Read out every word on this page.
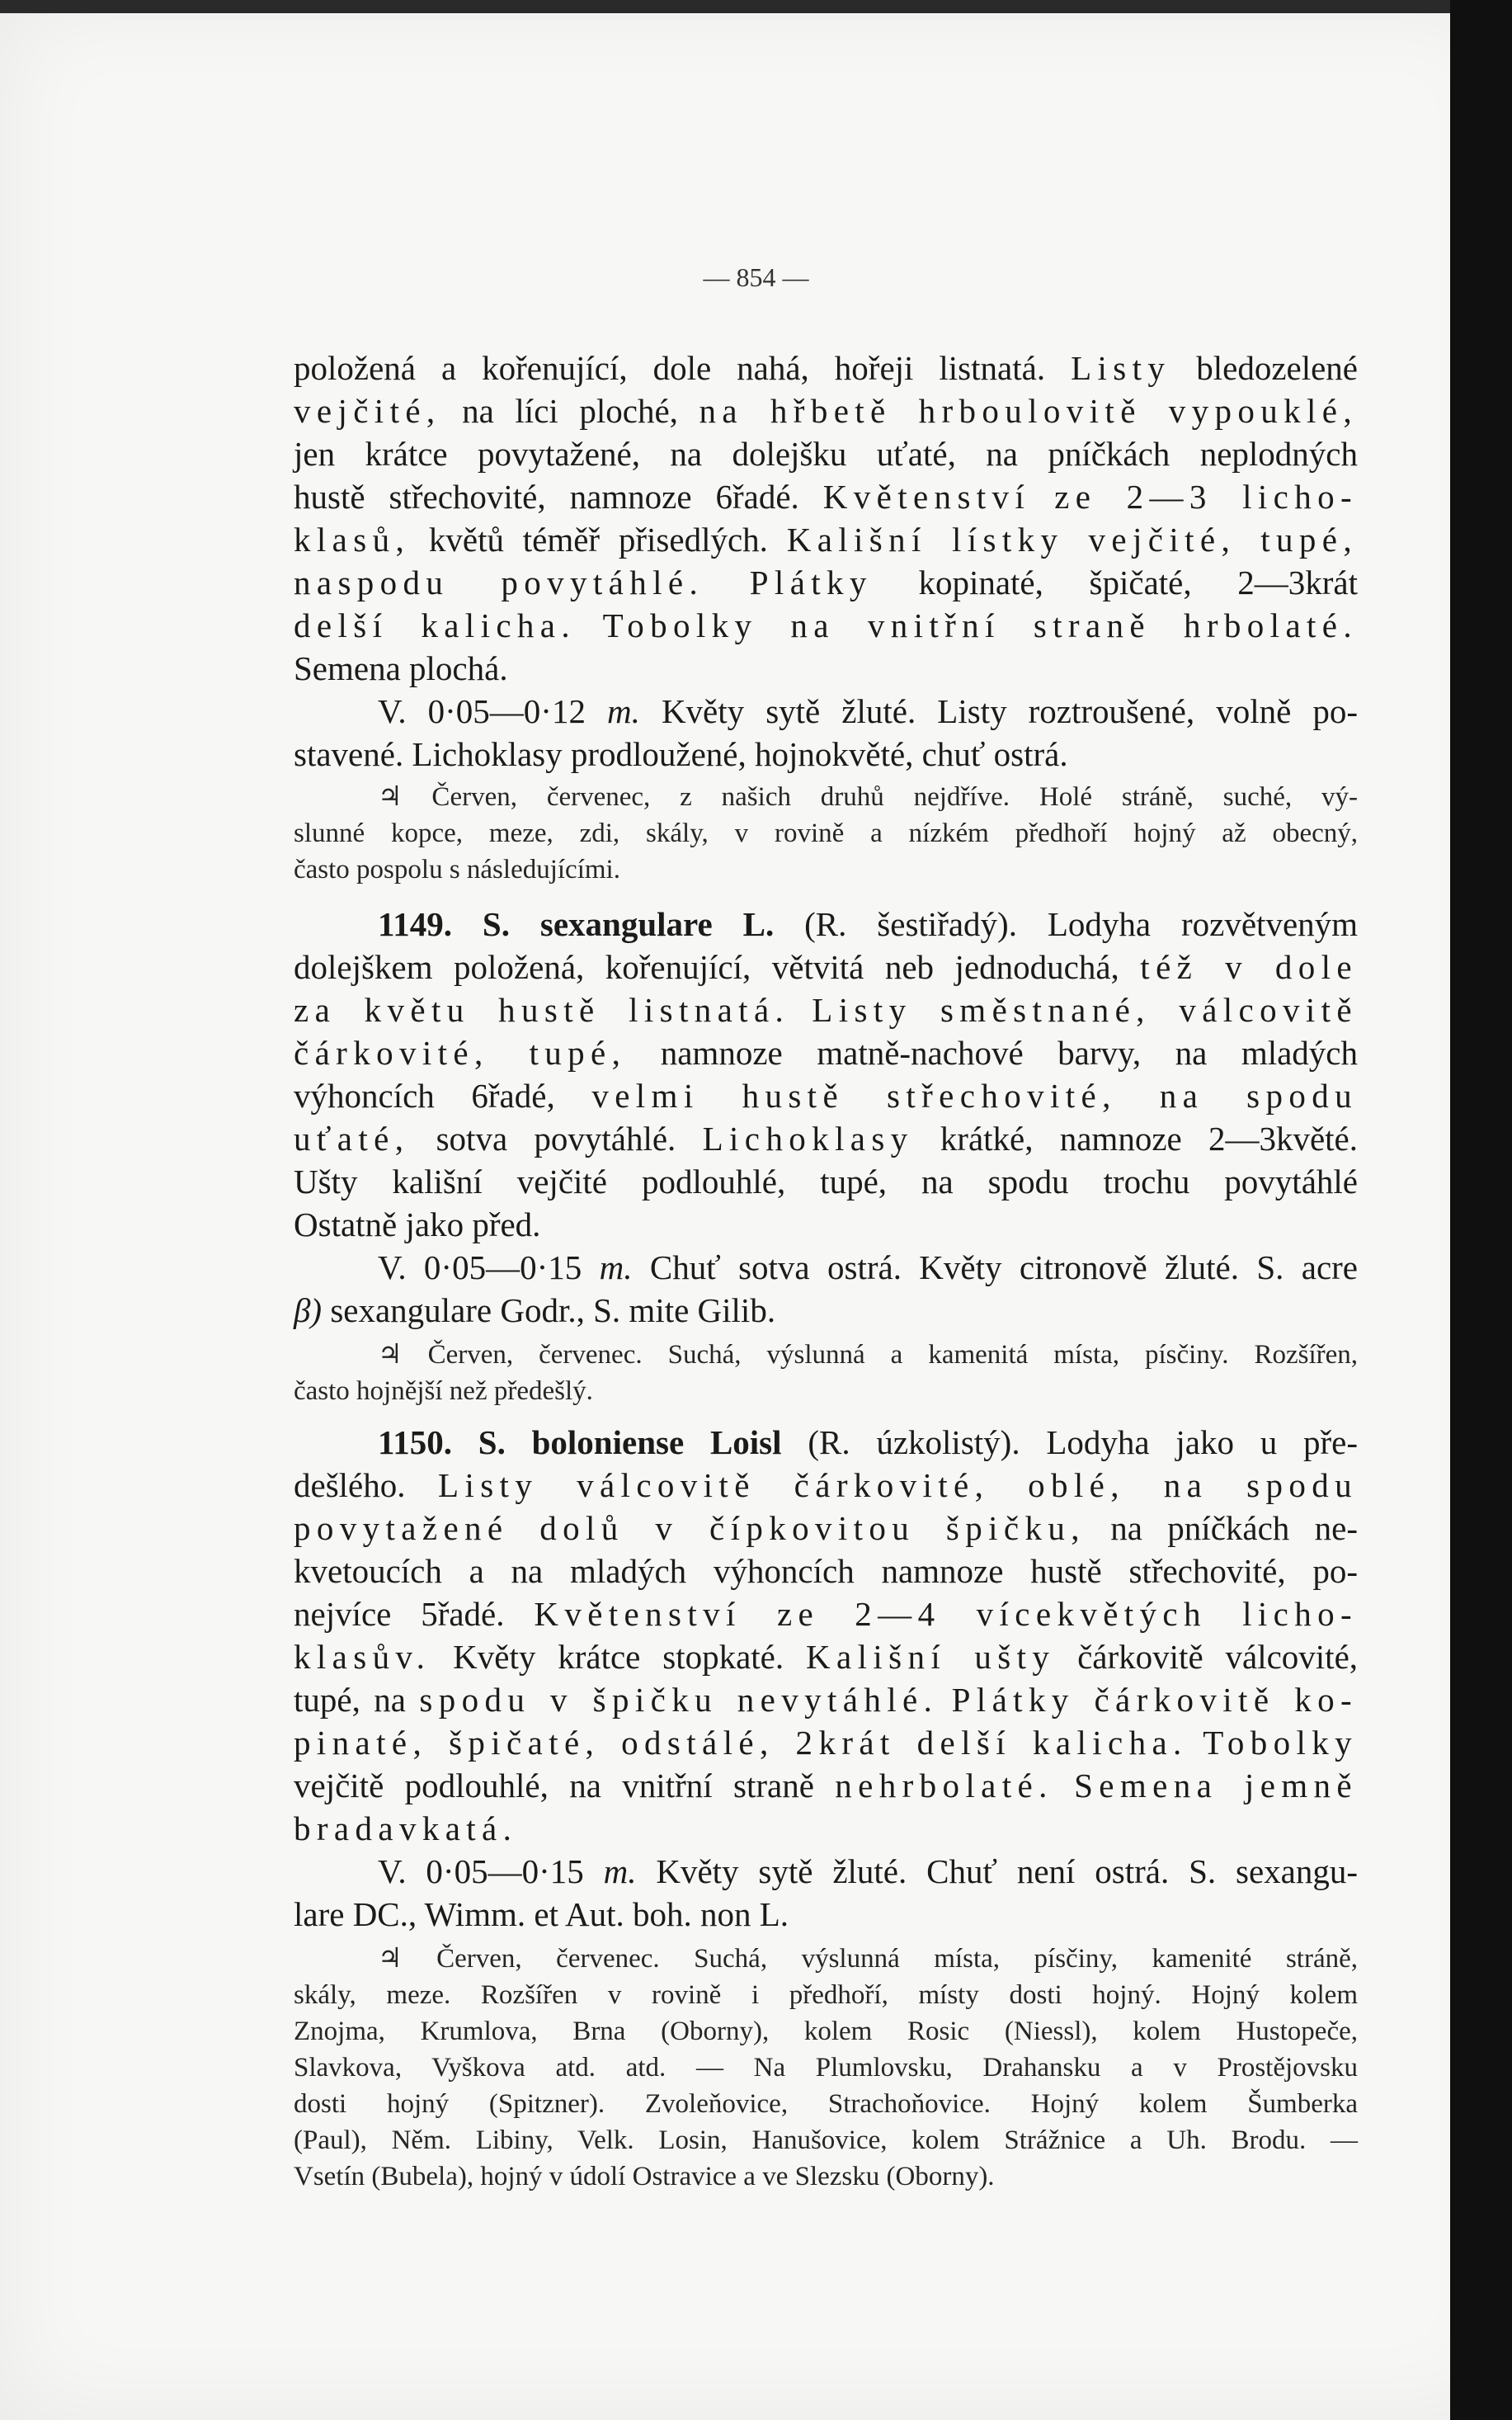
— 854 —
položená a kořenující, dole nahá, hořeji listnatá. Listy bledozelené
vejčité, na líci ploché, na hřbetě hrboulovitě vypouklé,
jen krátce povytažené, na dolejšku uťaté, na pníčkách neplodných
hustě střechovité, namnoze 6řadé. Květenství ze 2—3 licho-
klasů, květů téměř přisedlých. Kališní lístky vejčité, tupé,
naspodu povytáhlé. Plátky kopinaté, špičaté, 2—3krát
delší kalicha. Tobolky na vnitřní straně hrbolaté.
Semena plochá.
V. 0·05—0·12 m. Květy sytě žluté. Listy roztroušené, volně po-
stavené. Lichoklasy prodloužené, hojnokvěté, chuť ostrá.
♃ Červen, červenec, z našich druhů nejdříve. Holé stráně, suché, vý-
slunné kopce, meze, zdi, skály, v rovině a nízkém předhoří hojný až obecný,
často pospolu s následujícími.
1149. S. sexangulare L. (R. šestiřadý). Lodyha rozvětveným
dolejškem položená, kořenující, větvitá neb jednoduchá, též v dole
za květu hustě listnatá. Listy směstnané, válcovitě
čárkovité, tupé, namnoze matně-nachové barvy, na mladých
výhoncích 6řadé, velmi hustě střechovité, na spodu
uťaté, sotva povytáhlé. Lichoklasy krátké, namnoze 2—3květé.
Ušty kališní vejčité podlouhlé, tupé, na spodu trochu povytáhlé
Ostatně jako před.
V. 0·05—0·15 m. Chuť sotva ostrá. Květy citronově žluté. S. acre
β) sexangulare Godr., S. mite Gilib.
♃ Červen, červenec. Suchá, výslunná a kamenitá místa, písčiny. Rozšířen,
často hojnější než předešlý.
1150. S. boloniense Loisl (R. úzkolistý). Lodyha jako u pře-
dešlého. Listy válcovitě čárkovité, oblé, na spodu
povytažené dolů v čípkovitou špičku, na pníčkách ne-
kvetoucích a na mladých výhoncích namnoze hustě střechovité, po-
nejvíce 5řadé. Květenství ze 2—4 vícekvětých licho-
klasův. Květy krátce stopkaté. Kališní ušty čárkovitě válcovité,
tupé, na spodu v špičku nevytáhlé. Plátky čárkovitě ko-
pinaté, špičaté, odstálé, 2krát delší kalicha. Tobolky
vejčitě podlouhlé, na vnitřní straně nehrbolaté. Semena jemně
bradavkatá.
V. 0·05—0·15 m. Květy sytě žluté. Chuť není ostrá. S. sexangu-
lare DC., Wimm. et Aut. boh. non L.
♃ Červen, červenec. Suchá, výslunná místa, písčiny, kamenité stráně,
skály, meze. Rozšířen v rovině i předhoří, místy dosti hojný. Hojný kolem
Znojma, Krumlova, Brna (Oborny), kolem Rosic (Niessl), kolem Hustopeče,
Slavkova, Vyškova atd. atd. — Na Plumlovsku, Drahansku a v Prostějovsku
dosti hojný (Spitzner). Zvoleňovice, Strachoňovice. Hojný kolem Šumberka
(Paul), Něm. Libiny, Velk. Losin, Hanušovice, kolem Strážnice a Uh. Brodu. —
Vsetín (Bubela), hojný v údolí Ostravice a ve Slezsku (Oborny).
